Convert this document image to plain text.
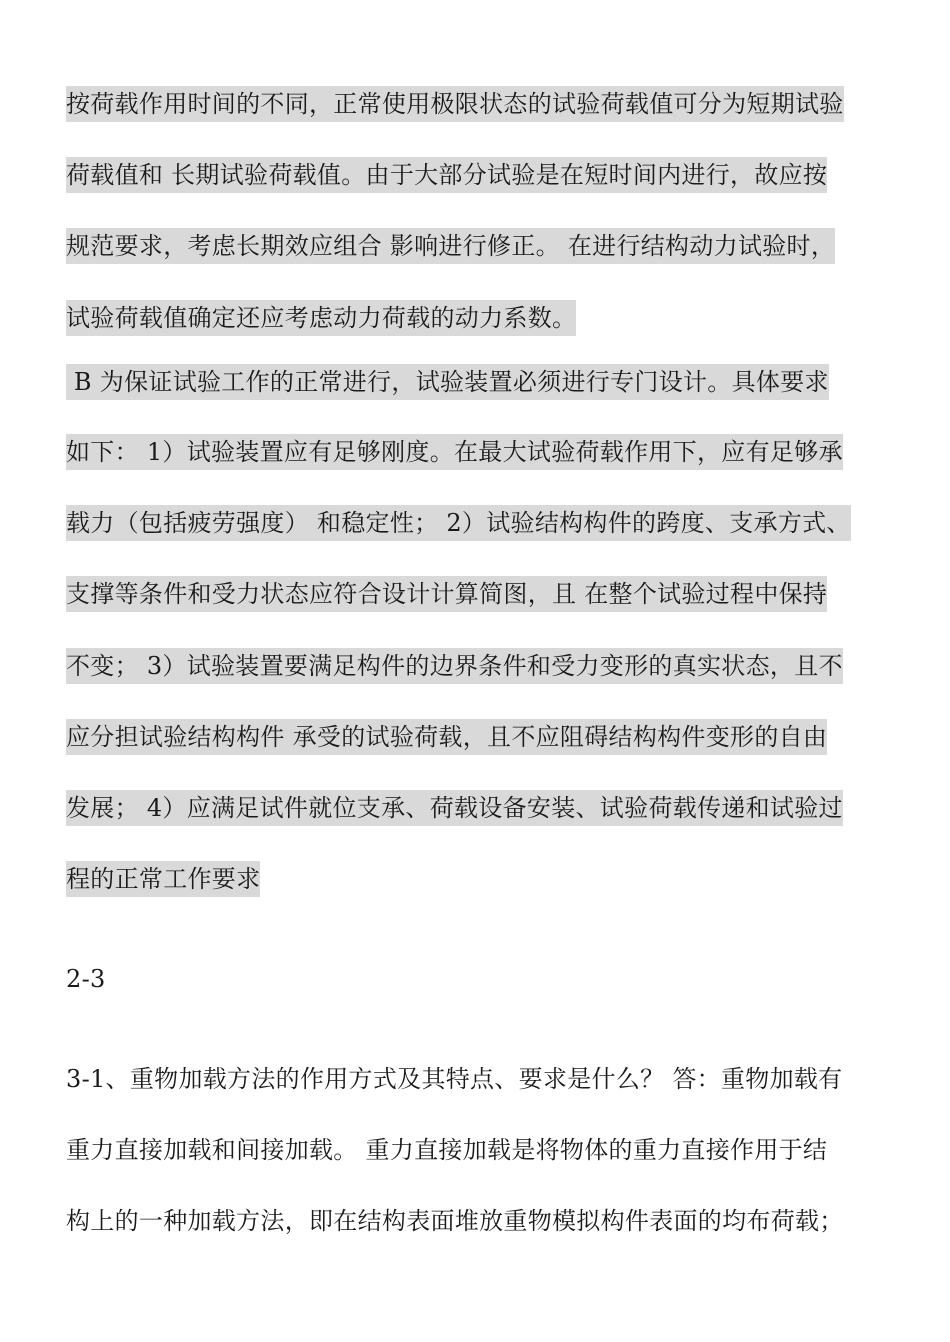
按荷载作用时间的不同，正常使用极限状态的试验荷载值可分为短期试验
荷载值和 长期试验荷载值。由于大部分试验是在短时间内进行，故应按
规范要求，考虑长期效应组合 影响进行修正。 在进行结构动力试验时，
试验荷载值确定还应考虑动力荷载的动力系数。
B 为保证试验工作的正常进行，试验装置必须进行专门设计。具体要求
如下： 1）试验装置应有足够刚度。在最大试验荷载作用下，应有足够承
载力（包括疲劳强度） 和稳定性； 2）试验结构构件的跨度、支承方式、
支撑等条件和受力状态应符合设计计算简图，且 在整个试验过程中保持
不变； 3）试验装置要满足构件的边界条件和受力变形的真实状态，且不
应分担试验结构构件 承受的试验荷载，且不应阻碍结构构件变形的自由
发展； 4）应满足试件就位支承、荷载设备安装、试验荷载传递和试验过
程的正常工作要求
2-3
3-1、重物加载方法的作用方式及其特点、要求是什么？ 答：重物加载有
重力直接加载和间接加载。 重力直接加载是将物体的重力直接作用于结
构上的一种加载方法，即在结构表面堆放重物模拟构件表面的均布荷载；
